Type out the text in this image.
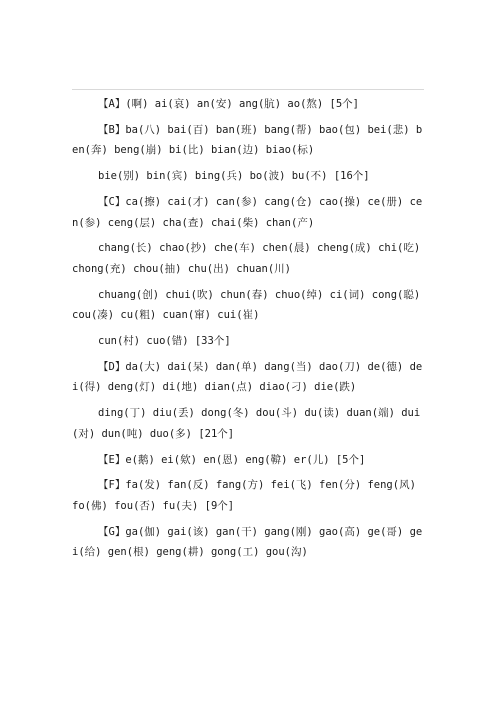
【A】(啊) ai(哀) an(安) ang(肮) ao(熬) [5个]

【B】ba(八) bai(百) ban(班) bang(帮) bao(包) bei(悲) ben(奔) beng(崩) bi(比) bian(边) biao(标)

bie(别) bin(宾) bing(兵) bo(波) bu(不) [16个]

【C】ca(擦) cai(才) can(参) cang(仓) cao(操) ce(册) cen(参) ceng(层) cha(查) chai(柴) chan(产)

chang(长) chao(抄) che(车) chen(晨) cheng(成) chi(吃) chong(充) chou(抽) chu(出) chuan(川)

chuang(创) chui(吹) chun(春) chuo(绰) ci(词) cong(聪) cou(凑) cu(粗) cuan(窜) cui(崔)

cun(村) cuo(错) [33个]

【D】da(大) dai(呆) dan(单) dang(当) dao(刀) de(德) dei(得) deng(灯) di(地) dian(点) diao(刁) die(跌)

ding(丁) diu(丢) dong(冬) dou(斗) du(读) duan(端) dui(对) dun(吨) duo(多) [21个]

【E】e(鹅) ei(欸) en(恩) eng(鞥) er(儿) [5个]

【F】fa(发) fan(反) fang(方) fei(飞) fen(分) feng(风) fo(佛) fou(否) fu(夫) [9个]

【G】ga(伽) gai(该) gan(干) gang(刚) gao(高) ge(哥) gei(给) gen(根) geng(耕) gong(工) gou(沟)
